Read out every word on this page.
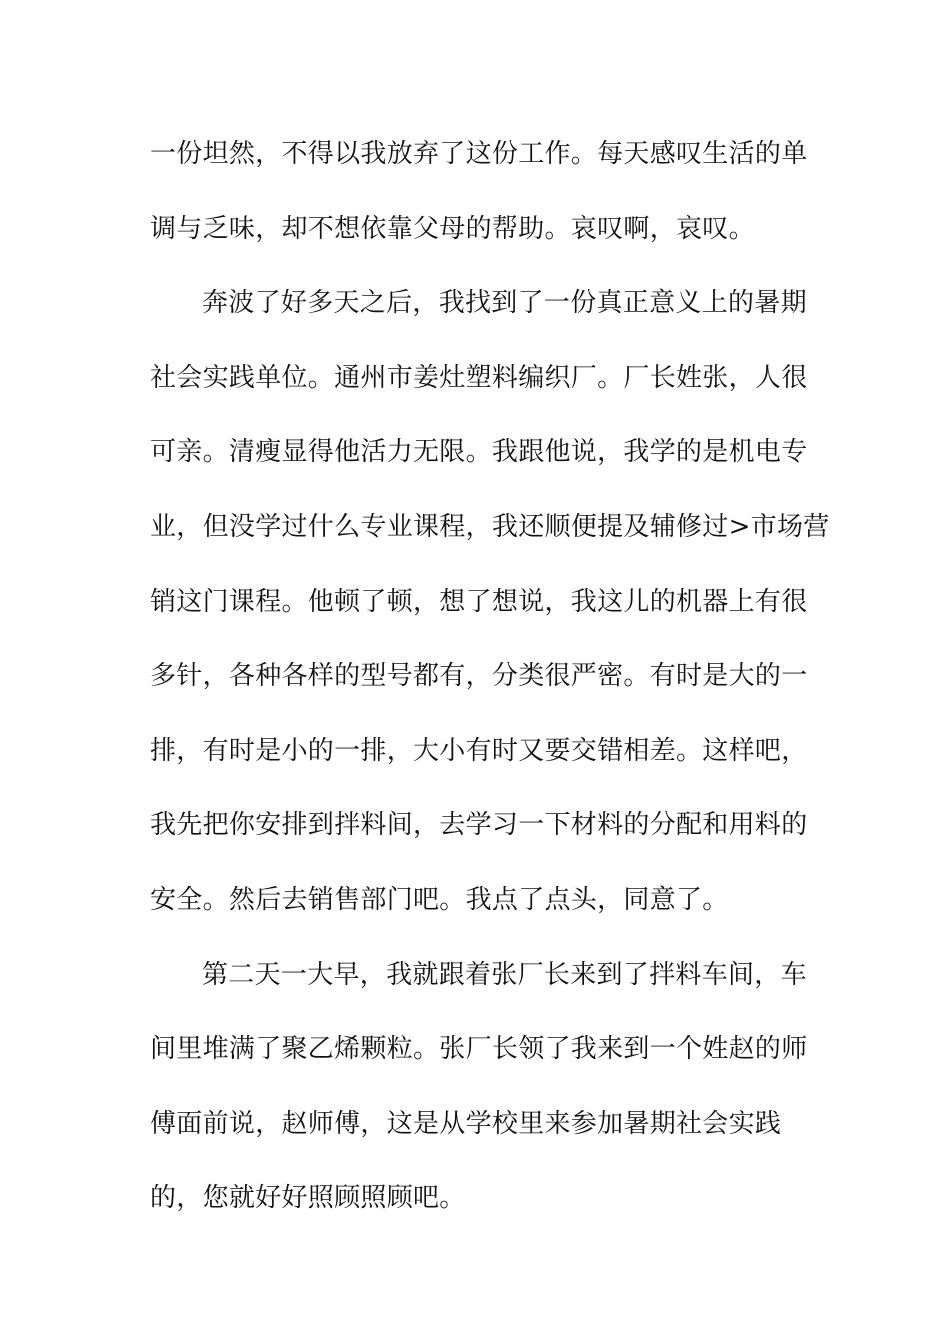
一份坦然，不得以我放弃了这份工作。每天感叹生活的单
调与乏味，却不想依靠父母的帮助。哀叹啊，哀叹。
奔波了好多天之后，我找到了一份真正意义上的暑期
社会实践单位。通州市姜灶塑料编织厂。厂长姓张，人很
可亲。清瘦显得他活力无限。我跟他说，我学的是机电专
业，但没学过什么专业课程，我还顺便提及辅修过>市场营
销这门课程。他顿了顿，想了想说，我这儿的机器上有很
多针，各种各样的型号都有，分类很严密。有时是大的一
排，有时是小的一排，大小有时又要交错相差。这样吧，
我先把你安排到拌料间，去学习一下材料的分配和用料的
安全。然后去销售部门吧。我点了点头，同意了。
第二天一大早，我就跟着张厂长来到了拌料车间，车
间里堆满了聚乙烯颗粒。张厂长领了我来到一个姓赵的师
傅面前说，赵师傅，这是从学校里来参加暑期社会实践
的，您就好好照顾照顾吧。
